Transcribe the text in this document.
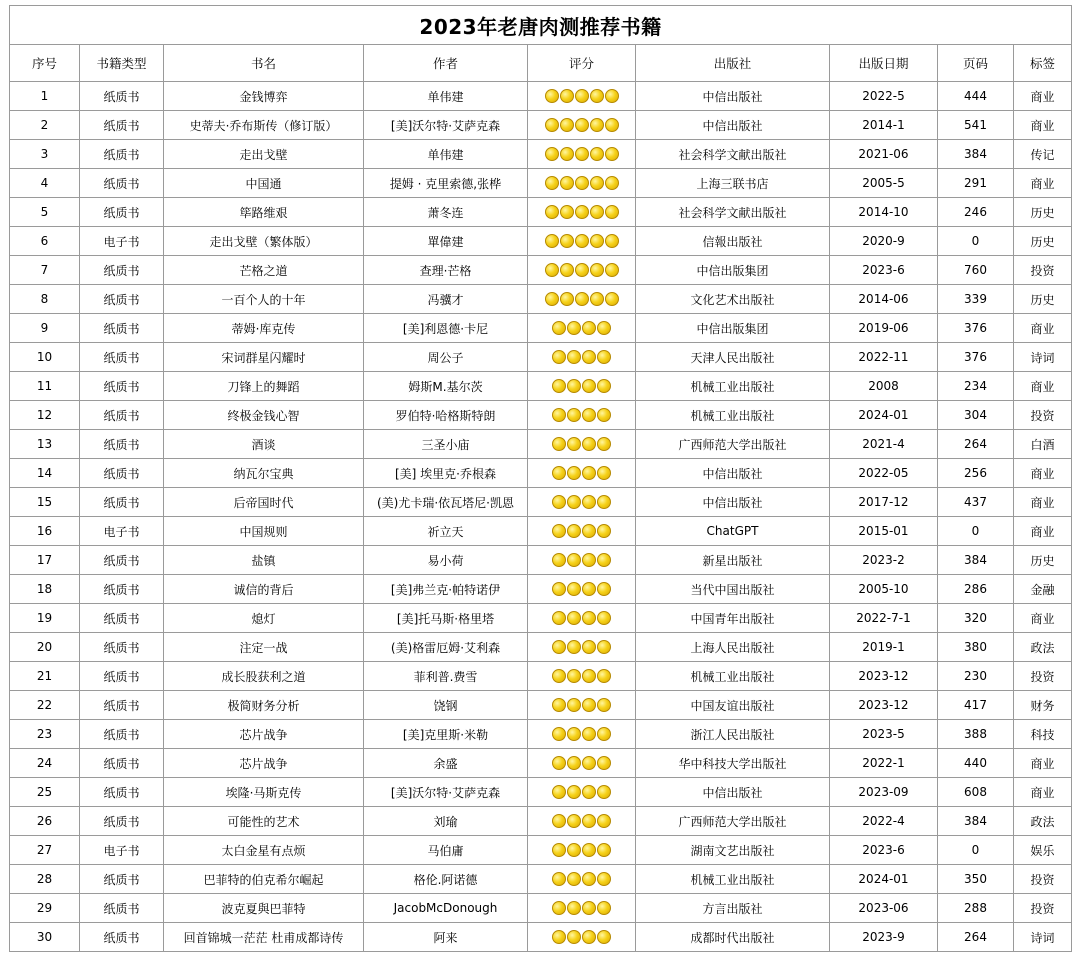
2023年老唐肉测推荐书籍								
序号	书籍类型	书名	作者	评分	出版社	出版日期	页码	标签
1	纸质书	金钱博弈	单伟建		中信出版社	2022-5	444	商业
2	纸质书	史蒂夫·乔布斯传（修订版）	[美]沃尔特·艾萨克森		中信出版社	2014-1	541	商业
3	纸质书	走出戈壁	单伟建		社会科学文献出版社	2021-06	384	传记
4	纸质书	中国通	提姆 · 克里索德,张桦		上海三联书店	2005-5	291	商业
5	纸质书	筚路维艰	萧冬连		社会科学文献出版社	2014-10	246	历史
6	电子书	走出戈壁（繁体版）	單偉建		信報出版社	2020-9	0	历史
7	纸质书	芒格之道	查理·芒格		中信出版集团	2023-6	760	投资
8	纸质书	一百个人的十年	冯骥才		文化艺术出版社	2014-06	339	历史
9	纸质书	蒂姆·库克传	[美]利恩德·卡尼		中信出版集团	2019-06	376	商业
10	纸质书	宋词群星闪耀时	周公子		天津人民出版社	2022-11	376	诗词
11	纸质书	刀锋上的舞蹈	姆斯M.基尔茨		机械工业出版社	2008	234	商业
12	纸质书	终极金钱心智	罗伯特·哈格斯特朗		机械工业出版社	2024-01	304	投资
13	纸质书	酒谈	三圣小庙		广西师范大学出版社	2021-4	264	白酒
14	纸质书	纳瓦尔宝典	[美] 埃里克·乔根森		中信出版社	2022-05	256	商业
15	纸质书	后帝国时代	(美)尤卡瑞·依瓦塔尼·凯恩		中信出版社	2017-12	437	商业
16	电子书	中国规则	祈立天		ChatGPT	2015-01	0	商业
17	纸质书	盐镇	易小荷		新星出版社	2023-2	384	历史
18	纸质书	诚信的背后	[美]弗兰克·帕特诺伊		当代中国出版社	2005-10	286	金融
19	纸质书	熄灯	[美]托马斯·格里塔		中国青年出版社	2022-7-1	320	商业
20	纸质书	注定一战	(美)格雷厄姆·艾利森		上海人民出版社	2019-1	380	政法
21	纸质书	成长股获利之道	菲利普.费雪		机械工业出版社	2023-12	230	投资
22	纸质书	极简财务分析	饶钢		中国友谊出版社	2023-12	417	财务
23	纸质书	芯片战争	[美]克里斯·米勒		浙江人民出版社	2023-5	388	科技
24	纸质书	芯片战争	余盛		华中科技大学出版社	2022-1	440	商业
25	纸质书	埃隆·马斯克传	[美]沃尔特·艾萨克森		中信出版社	2023-09	608	商业
26	纸质书	可能性的艺术	刘瑜		广西师范大学出版社	2022-4	384	政法
27	电子书	太白金星有点烦	马伯庸		湖南文艺出版社	2023-6	0	娱乐
28	纸质书	巴菲特的伯克希尔崛起	格伦.阿诺德		机械工业出版社	2024-01	350	投资
29	纸质书	波克夏與巴菲特	JacobMcDonough		方言出版社	2023-06	288	投资
30	纸质书	回首锦城一茫茫 杜甫成都诗传	阿来		成都时代出版社	2023-9	264	诗词
